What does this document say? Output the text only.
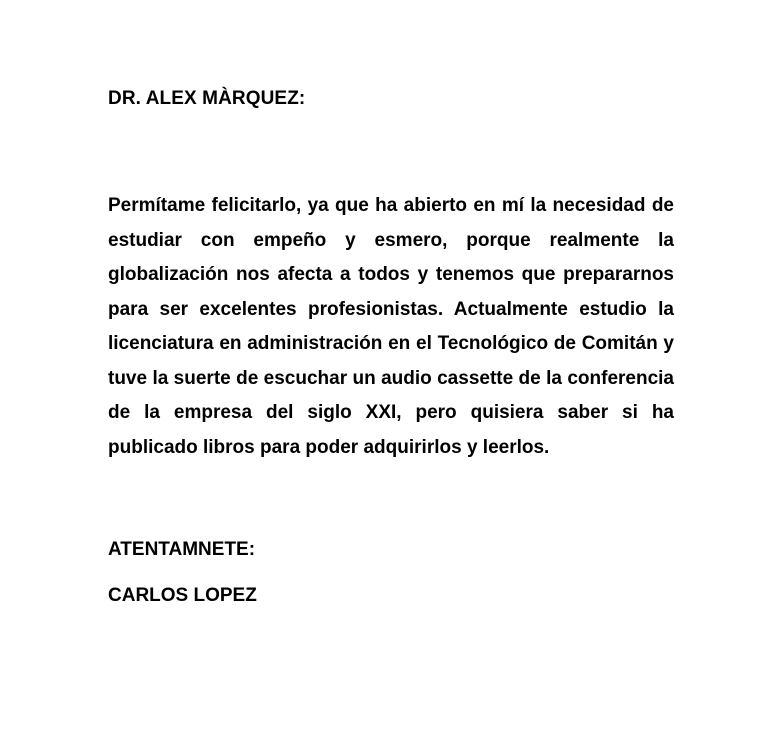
DR. ALEX MÀRQUEZ:

Permítame felicitarlo, ya que ha abierto en mí la necesidad de estudiar con empeño y esmero, porque realmente la globalización nos afecta a todos y tenemos que prepararnos para ser excelentes profesionistas. Actualmente estudio la licenciatura en administración en el Tecnológico de Comitán y tuve la suerte de escuchar un audio cassette de la conferencia de la empresa del siglo XXI, pero quisiera saber si ha publicado libros para poder adquirirlos y leerlos.

ATENTAMNETE:
CARLOS LOPEZ
